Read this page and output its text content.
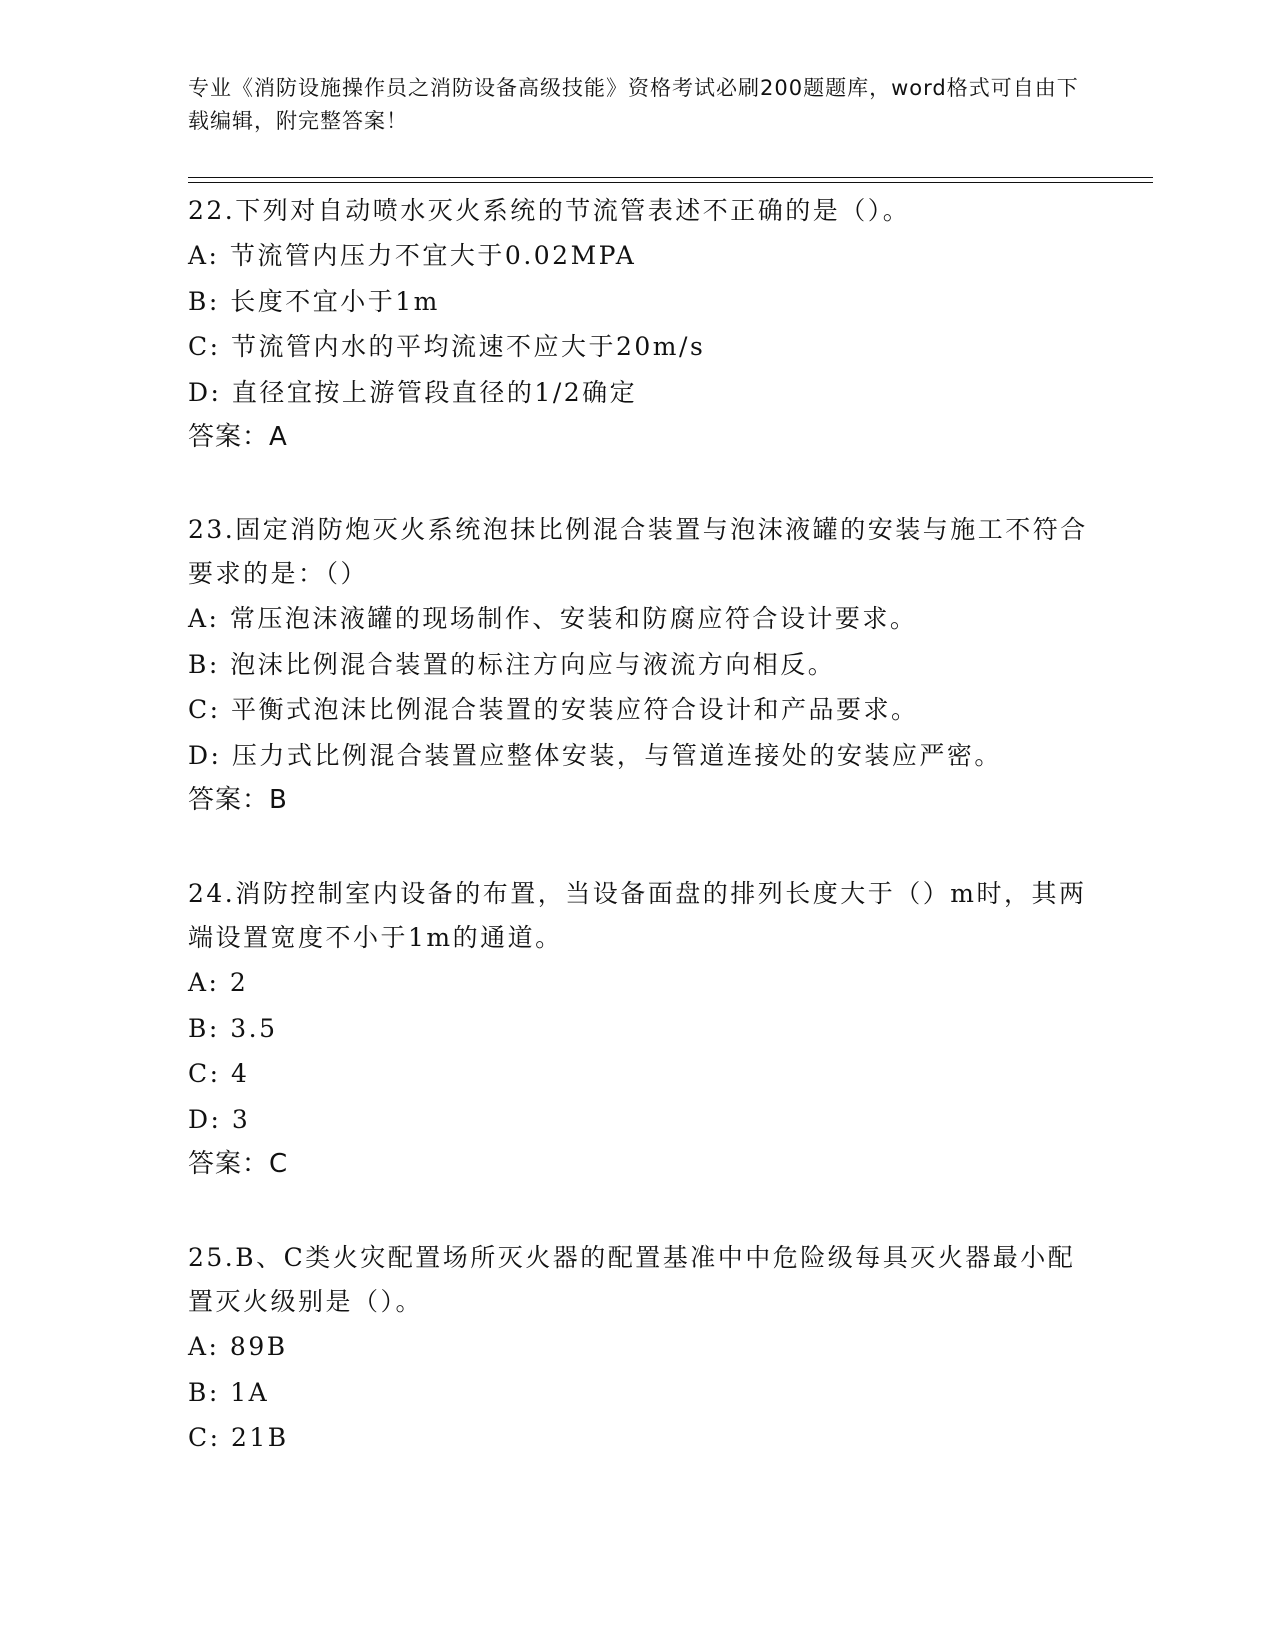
专业《消防设施操作员之消防设备高级技能》资格考试必刷200题题库，word格式可自由下载编辑，附完整答案！

22.下列对自动喷水灭火系统的节流管表述不正确的是（）。

A: 节流管内压力不宜大于0.02MPA

B: 长度不宜小于1m

C: 节流管内水的平均流速不应大于20m/s

D: 直径宜按上游管段直径的1/2确定

答案：A

23.固定消防炮灭火系统泡抹比例混合装置与泡沫液罐的安装与施工不符合要求的是：（）

A: 常压泡沫液罐的现场制作、安装和防腐应符合设计要求。

B: 泡沫比例混合装置的标注方向应与液流方向相反。

C: 平衡式泡沫比例混合装置的安装应符合设计和产品要求。

D: 压力式比例混合装置应整体安装，与管道连接处的安装应严密。

答案：B

24.消防控制室内设备的布置，当设备面盘的排列长度大于（）m时，其两端设置宽度不小于1m的通道。

A: 2

B: 3.5

C: 4

D: 3

答案：C

25.B、C类火灾配置场所灭火器的配置基准中中危险级每具灭火器最小配置灭火级别是（）。

A: 89B

B: 1A

C: 21B
